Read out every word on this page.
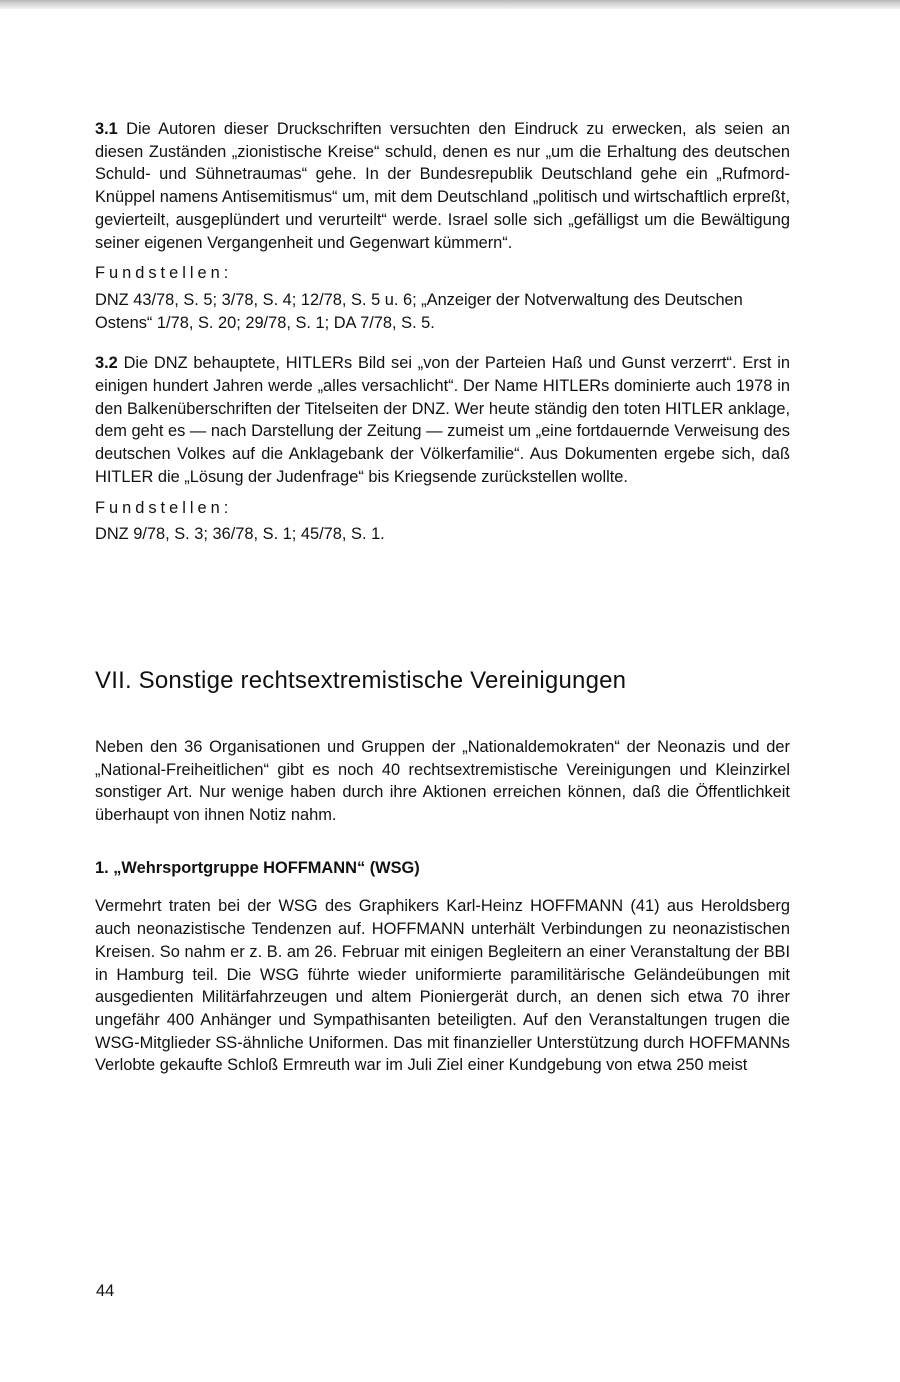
3.1 Die Autoren dieser Druckschriften versuchten den Eindruck zu erwecken, als seien an diesen Zuständen „zionistische Kreise“ schuld, denen es nur „um die Erhaltung des deutschen Schuld- und Sühnetraumas“ gehe. In der Bundesrepublik Deutschland gehe ein „Rufmord-Knüppel namens Antisemitismus“ um, mit dem Deutschland „politisch und wirtschaftlich erpreßt, gevierteilt, ausgeplündert und verurteilt“ werde. Israel solle sich „gefälligst um die Bewältigung seiner eigenen Vergangenheit und Gegenwart kümmern“.

Fundstellen:

DNZ 43/78, S. 5; 3/78, S. 4; 12/78, S. 5 u. 6; „Anzeiger der Notverwaltung des Deutschen Ostens“ 1/78, S. 20; 29/78, S. 1; DA 7/78, S. 5.

3.2 Die DNZ behauptete, HITLERs Bild sei „von der Parteien Haß und Gunst verzerrt“. Erst in einigen hundert Jahren werde „alles versachlicht“. Der Name HITLERs dominierte auch 1978 in den Balkenüberschriften der Titelseiten der DNZ. Wer heute ständig den toten HITLER anklage, dem geht es — nach Darstellung der Zeitung — zumeist um „eine fortdauernde Verweisung des deutschen Volkes auf die Anklagebank der Völkerfamilie“. Aus Dokumenten ergebe sich, daß HITLER die „Lösung der Judenfrage“ bis Kriegsende zurückstellen wollte.

Fundstellen:

DNZ 9/78, S. 3; 36/78, S. 1; 45/78, S. 1.

VII. Sonstige rechtsextremistische Vereinigungen

Neben den 36 Organisationen und Gruppen der „Nationaldemokraten“ der Neonazis und der „National-Freiheitlichen“ gibt es noch 40 rechtsextremistische Vereinigungen und Kleinzirkel sonstiger Art. Nur wenige haben durch ihre Aktionen erreichen können, daß die Öffentlichkeit überhaupt von ihnen Notiz nahm.

1. „Wehrsportgruppe HOFFMANN“ (WSG)

Vermehrt traten bei der WSG des Graphikers Karl-Heinz HOFFMANN (41) aus Heroldsberg auch neonazistische Tendenzen auf. HOFFMANN unterhält Verbindungen zu neonazistischen Kreisen. So nahm er z. B. am 26. Februar mit einigen Begleitern an einer Veranstaltung der BBI in Hamburg teil. Die WSG führte wieder uniformierte paramilitärische Geländeübungen mit ausgedienten Militärfahrzeugen und altem Pioniergerät durch, an denen sich etwa 70 ihrer ungefähr 400 Anhänger und Sympathisanten beteiligten. Auf den Veranstaltungen trugen die WSG-Mitglieder SS-ähnliche Uniformen. Das mit finanzieller Unterstützung durch HOFFMANNs Verlobte gekaufte Schloß Ermreuth war im Juli Ziel einer Kundgebung von etwa 250 meist

44
